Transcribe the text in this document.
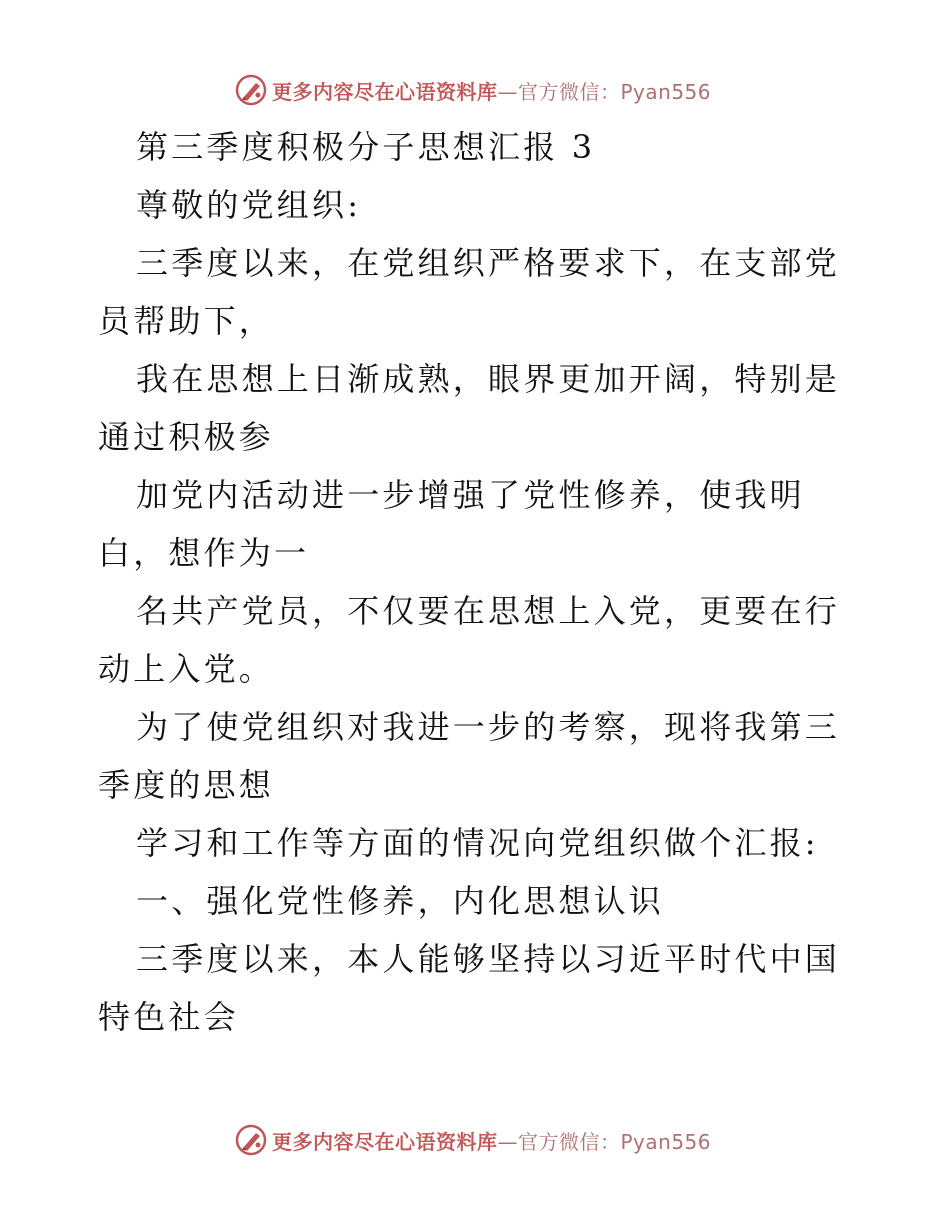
更多内容尽在心语资料库—官方微信：Pyan556

第三季度积极分子思想汇报 3

尊敬的党组织:

三季度以来，在党组织严格要求下，在支部党员帮助下，

我在思想上日渐成熟，眼界更加开阔，特别是通过积极参

加党内活动进一步增强了党性修养，使我明白，想作为一

名共产党员，不仅要在思想上入党，更要在行动上入党。

为了使党组织对我进一步的考察，现将我第三季度的思想

学习和工作等方面的情况向党组织做个汇报:

一、强化党性修养，内化思想认识

三季度以来，本人能够坚持以习近平时代中国特色社会

更多内容尽在心语资料库—官方微信：Pyan556
